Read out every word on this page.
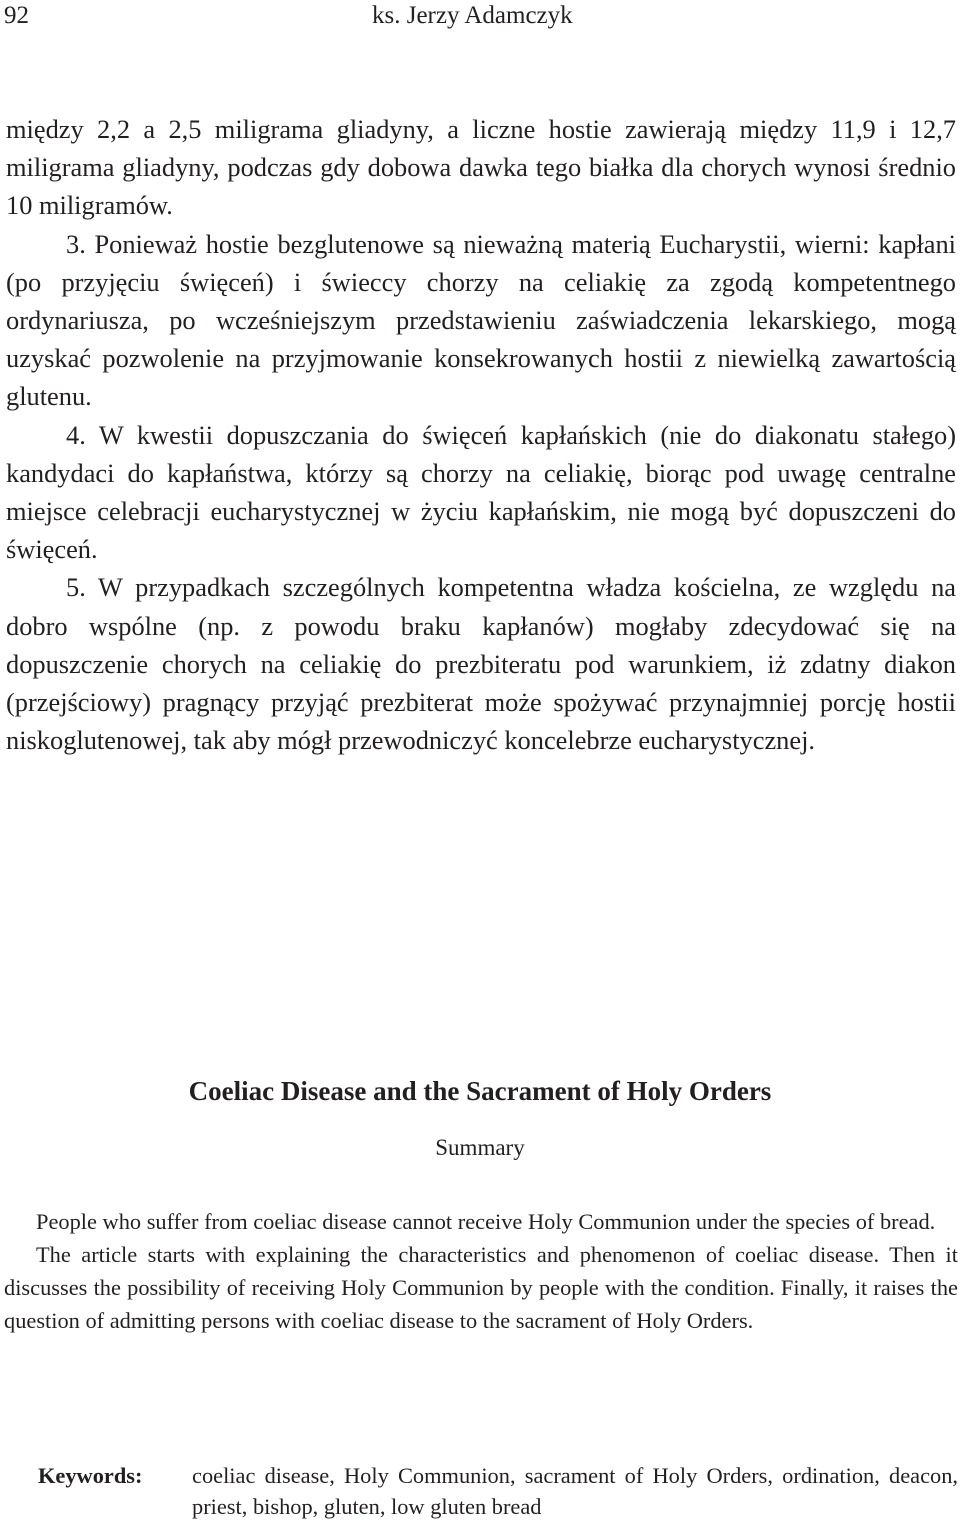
92	ks. Jerzy Adamczyk

między 2,2 a 2,5 miligrama gliadyny, a liczne hostie zawierają między 11,9 i 12,7 miligrama gliadyny, podczas gdy dobowa dawka tego białka dla chorych wynosi średnio 10 miligramów.

3. Ponieważ hostie bezglutenowe są nieważną materią Eucharystii, wierni: kapłani (po przyjęciu święceń) i świeccy chorzy na celiakię za zgodą kompetentnego ordynariusza, po wcześniejszym przedstawieniu zaświadczenia lekarskiego, mogą uzyskać pozwolenie na przyjmowanie konsekrowanych hostii z niewielką zawartością glutenu.

4. W kwestii dopuszczania do święceń kapłańskich (nie do diakonatu stałego) kandydaci do kapłaństwa, którzy są chorzy na celiakię, biorąc pod uwagę centralne miejsce celebracji eucharystycznej w życiu kapłańskim, nie mogą być dopuszczeni do święceń.

5. W przypadkach szczególnych kompetentna władza kościelna, ze względu na dobro wspólne (np. z powodu braku kapłanów) mogłaby zdecydować się na dopuszczenie chorych na celiakię do prezbiteratu pod warunkiem, iż zdatny diakon (przejściowy) pragnący przyjąć prezbiterat może spożywać przynajmniej porcję hostii niskoglutenowej, tak aby mógł przewodniczyć koncelebrze eucharystycznej.

Coeliac Disease and the Sacrament of Holy Orders
Summary

People who suffer from coeliac disease cannot receive Holy Communion under the species of bread.

The article starts with explaining the characteristics and phenomenon of coeliac disease. Then it discusses the possibility of receiving Holy Communion by people with the condition. Finally, it raises the question of admitting persons with coeliac disease to the sacrament of Holy Orders.

Keywords: coeliac disease, Holy Communion, sacrament of Holy Orders, ordination, deacon, priest, bishop, gluten, low gluten bread
